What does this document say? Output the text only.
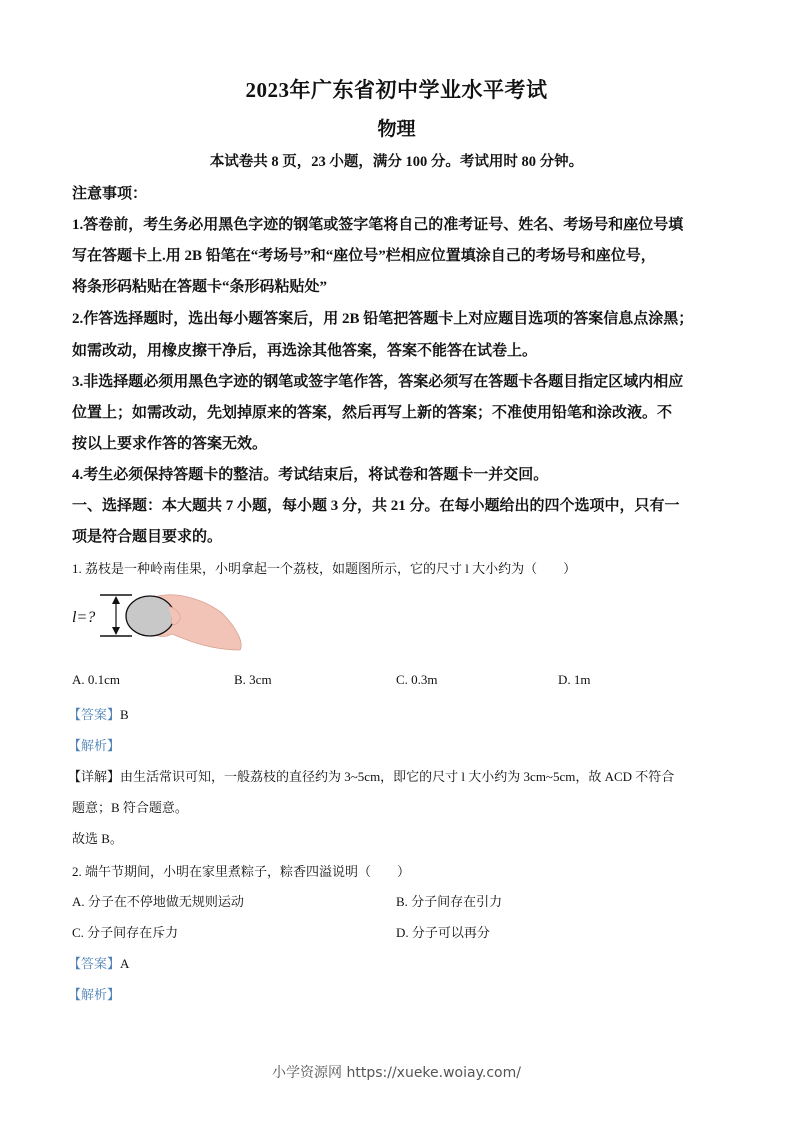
2023年广东省初中学业水平考试
物理
本试卷共 8 页，23 小题，满分 100 分。考试用时 80 分钟。
注意事项：
1.答卷前，考生务必用黑色字迹的钢笔或签字笔将自己的准考证号、姓名、考场号和座位号填
写在答题卡上.用 2B 铅笔在“考场号”和“座位号”栏相应位置填涂自己的考场号和座位号，
将条形码粘贴在答题卡“条形码粘贴处”
2.作答选择题时，选出每小题答案后，用 2B 铅笔把答题卡上对应题目选项的答案信息点涂黑；
如需改动，用橡皮擦干净后，再选涂其他答案，答案不能答在试卷上。
3.非选择题必须用黑色字迹的钢笔或签字笔作答，答案必须写在答题卡各题目指定区域内相应
位置上；如需改动，先划掉原来的答案，然后再写上新的答案；不准使用铅笔和涂改液。不
按以上要求作答的答案无效。
4.考生必须保持答题卡的整洁。考试结束后，将试卷和答题卡一并交回。
一、选择题：本大题共 7 小题，每小题 3 分，共 21 分。在每小题给出的四个选项中，只有一
项是符合题目要求的。
1. 荔枝是一种岭南佳果，小明拿起一个荔枝，如题图所示，它的尺寸 l 大小约为（　　）
l=?
A. 0.1cm	B. 3cm	C. 0.3m	D. 1m
【答案】B
【解析】
【详解】由生活常识可知，一般荔枝的直径约为 3~5cm，即它的尺寸 l 大小约为 3cm~5cm，故 ACD 不符合
题意；B 符合题意。
故选 B。
2. 端午节期间，小明在家里煮粽子，粽香四溢说明（　　）
A. 分子在不停地做无规则运动	B. 分子间存在引力
C. 分子间存在斥力	D. 分子可以再分
【答案】A
【解析】
小学资源网 https://xueke.woiay.com/
